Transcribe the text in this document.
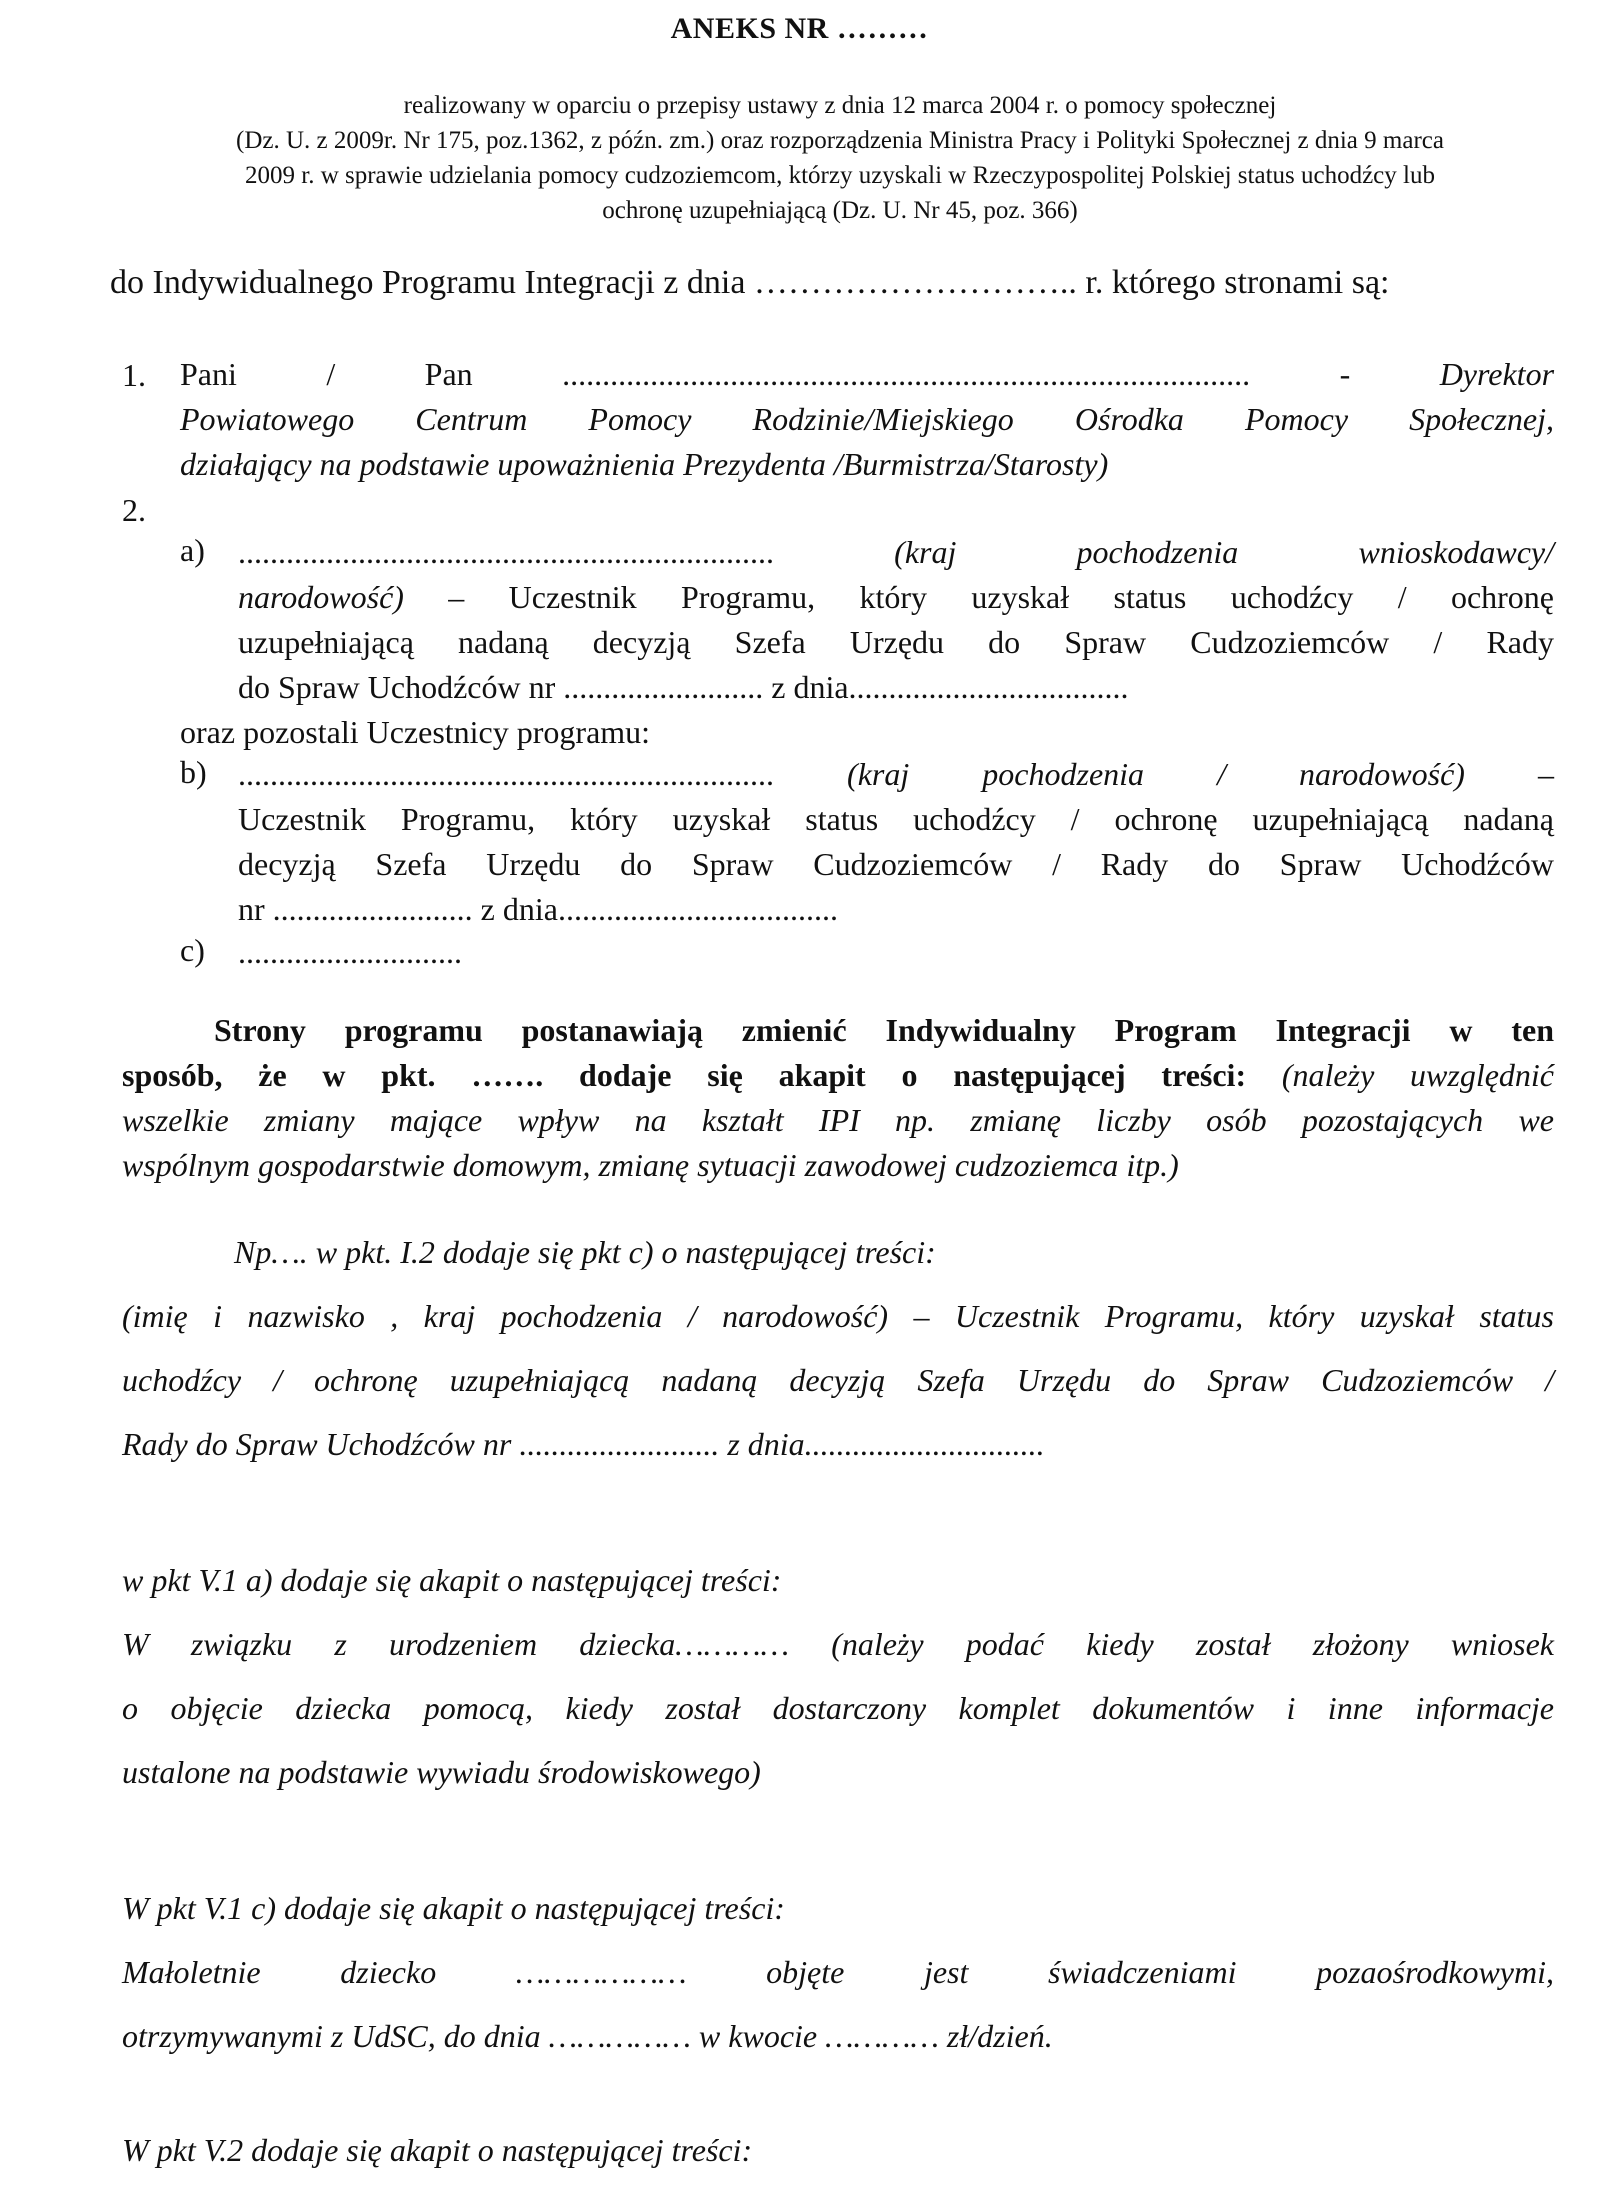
ANEKS NR ………
realizowany w oparciu o przepisy ustawy z dnia 12 marca 2004 r. o pomocy społecznej
(Dz. U. z 2009r. Nr 175, poz.1362, z późn. zm.) oraz rozporządzenia Ministra Pracy i Polityki Społecznej z dnia 9 marca
2009 r. w sprawie udzielania pomocy cudzoziemcom, którzy uzyskali w Rzeczypospolitej Polskiej status uchodźcy lub
ochronę uzupełniającą (Dz. U. Nr 45, poz. 366)
do Indywidualnego Programu Integracji z dnia ……………………….. r. którego stronami są:
1. Pani / Pan ...................................................................................... -	Dyrektor
Powiatowego Centrum Pomocy Rodzinie/Miejskiego Ośrodka Pomocy Społecznej,
działający na podstawie upoważnienia Prezydenta /Burmistrza/Starosty)
2.
a) ...................................................................	(kraj pochodzenia wnioskodawcy/
narodowość) – Uczestnik Programu, który uzyskał status uchodźcy / ochronę
uzupełniającą nadaną decyzją Szefa Urzędu do Spraw Cudzoziemców / Rady
do Spraw Uchodźców nr ......................... z dnia...................................
oraz pozostali Uczestnicy programu:
b) ................................................................... (kraj pochodzenia / narodowość) –
Uczestnik Programu, który uzyskał status uchodźcy / ochronę uzupełniającą nadaną
decyzją Szefa Urzędu do Spraw Cudzoziemców / Rady do Spraw Uchodźców
nr ......................... z dnia...................................
c) ............................
Strony programu postanawiają zmienić Indywidualny Program Integracji w ten
sposób, że w pkt. ……. dodaje się akapit o następującej treści: (należy uwzględnić
wszelkie zmiany mające wpływ na kształt IPI np. zmianę liczby osób pozostających we
wspólnym gospodarstwie domowym, zmianę sytuacji zawodowej cudzoziemca itp.)
Np…. w pkt. I.2 dodaje się pkt c) o następującej treści:
(imię i nazwisko , kraj pochodzenia / narodowość) – Uczestnik Programu, który uzyskał status
uchodźcy / ochronę uzupełniającą nadaną decyzją Szefa Urzędu do Spraw Cudzoziemców /
Rady do Spraw Uchodźców nr ......................... z dnia..............................
w pkt V.1 a) dodaje się akapit o następującej treści:
W związku z urodzeniem dziecka………… (należy podać kiedy został złożony wniosek
o objęcie dziecka pomocą, kiedy został dostarczony komplet dokumentów i inne informacje
ustalone na podstawie wywiadu środowiskowego)
W pkt V.1 c) dodaje się akapit o następującej treści:
Małoletnie dziecko ……………… objęte jest świadczeniami pozaośrodkowymi,
otrzymywanymi z UdSC, do dnia …………… w kwocie ………… zł/dzień.
W pkt V.2 dodaje się akapit o następującej treści:
